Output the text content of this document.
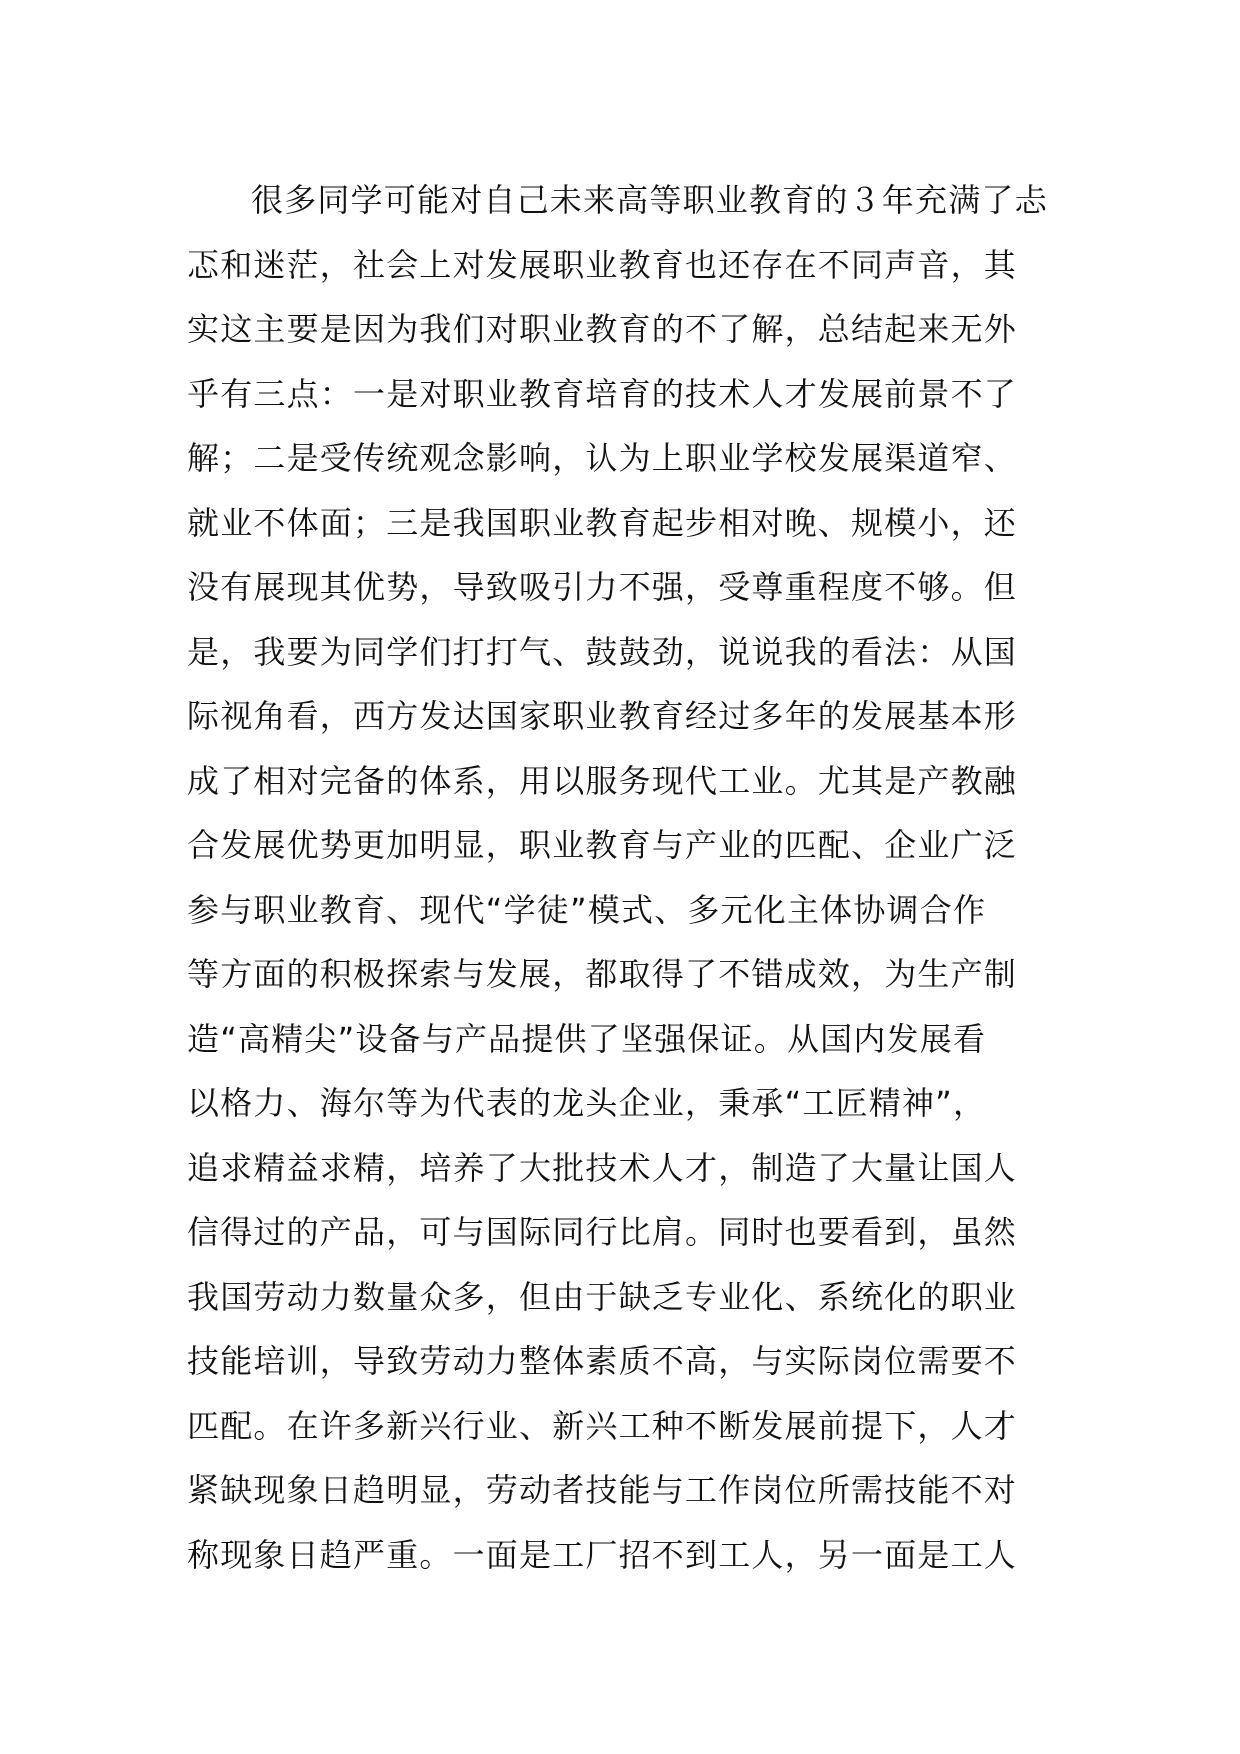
很多同学可能对自己未来高等职业教育的３年充满了忐
忑和迷茫，社会上对发展职业教育也还存在不同声音，其
实这主要是因为我们对职业教育的不了解，总结起来无外
乎有三点：一是对职业教育培育的技术人才发展前景不了
解；二是受传统观念影响，认为上职业学校发展渠道窄、
就业不体面；三是我国职业教育起步相对晚、规模小，还
没有展现其优势，导致吸引力不强，受尊重程度不够。但
是，我要为同学们打打气、鼓鼓劲，说说我的看法：从国
际视角看，西方发达国家职业教育经过多年的发展基本形
成了相对完备的体系，用以服务现代工业。尤其是产教融
合发展优势更加明显，职业教育与产业的匹配、企业广泛
参与职业教育、现代“学徒”模式、多元化主体协调合作
等方面的积极探索与发展，都取得了不错成效，为生产制
造“高精尖”设备与产品提供了坚强保证。从国内发展看
以格力、海尔等为代表的龙头企业，秉承“工匠精神”，
追求精益求精，培养了大批技术人才，制造了大量让国人
信得过的产品，可与国际同行比肩。同时也要看到，虽然
我国劳动力数量众多，但由于缺乏专业化、系统化的职业
技能培训，导致劳动力整体素质不高，与实际岗位需要不
匹配。在许多新兴行业、新兴工种不断发展前提下，人才
紧缺现象日趋明显，劳动者技能与工作岗位所需技能不对
称现象日趋严重。一面是工厂招不到工人，另一面是工人
